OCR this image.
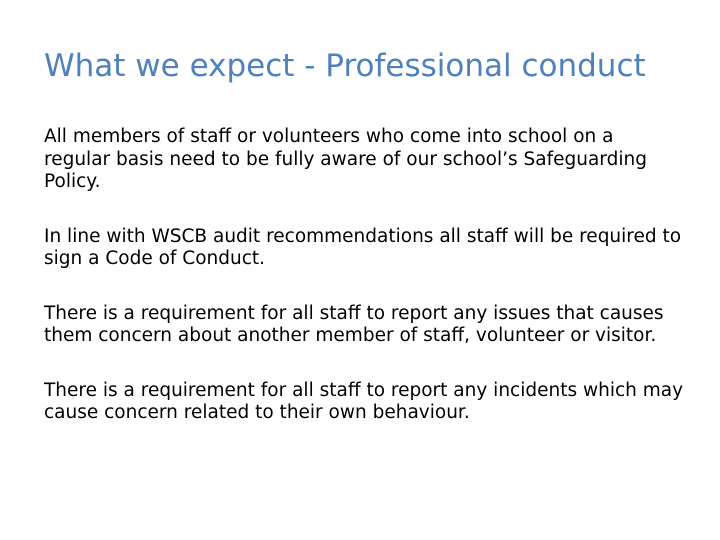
What we expect - Professional conduct

All members of staff or volunteers who come into school on a regular basis need to be fully aware of our school’s Safeguarding Policy.

In line with WSCB audit recommendations all staff will be required to sign a Code of Conduct.

There is a requirement for all staff to report any issues that causes them concern about another member of staff, volunteer or visitor.

There is a requirement for all staff to report any incidents which may cause concern related to their own behaviour.
